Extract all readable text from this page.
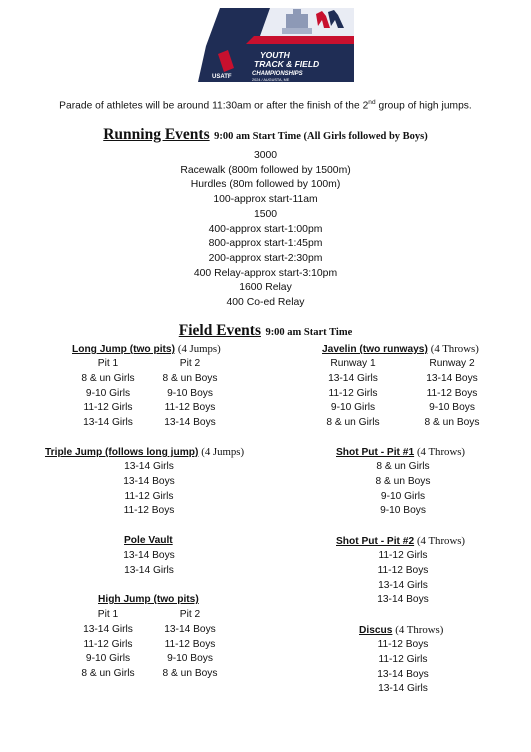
YOUTH
TRACK & FIELD
CHAMPIONSHIPS
2024 / AUGUSTA, ME
USATF
Parade of athletes will be around 11:30am or after the finish of the 2nd group of high jumps.
Running Events 9:00 am Start Time (All Girls followed by Boys)
3000
Racewalk (800m followed by 1500m)
Hurdles (80m followed by 100m)
100-approx start-11am
1500
400-approx start-1:00pm
800-approx start-1:45pm
200-approx start-2:30pm
400 Relay-approx start-3:10pm
1600 Relay
400 Co-ed Relay
Field Events 9:00 am Start Time
Long Jump (two pits) (4 Jumps)
Pit 1
8 & un Girls
9-10 Girls
11-12 Girls
13-14 Girls
Pit 2
8 & un Boys
9-10 Boys
11-12 Boys
13-14 Boys
Javelin (two runways) (4 Throws)
Runway 1
13-14 Girls
11-12 Girls
9-10 Girls
8 & un Girls
Runway 2
13-14 Boys
11-12 Boys
9-10 Boys
8 & un Boys
Triple Jump (follows long jump) (4 Jumps)
13-14 Girls
13-14 Boys
11-12 Girls
11-12 Boys
Shot Put - Pit #1 (4 Throws)
8 & un Girls
8 & un Boys
9-10 Girls
9-10 Boys
Pole Vault
13-14 Boys
13-14 Girls
Shot Put - Pit #2 (4 Throws)
11-12 Girls
11-12 Boys
13-14 Girls
13-14 Boys
High Jump (two pits)
Pit 1
13-14 Girls
11-12 Girls
9-10 Girls
8 & un Girls
Pit 2
13-14 Boys
11-12 Boys
9-10 Boys
8 & un Boys
Discus (4 Throws)
11-12 Boys
11-12 Girls
13-14 Boys
13-14 Girls
